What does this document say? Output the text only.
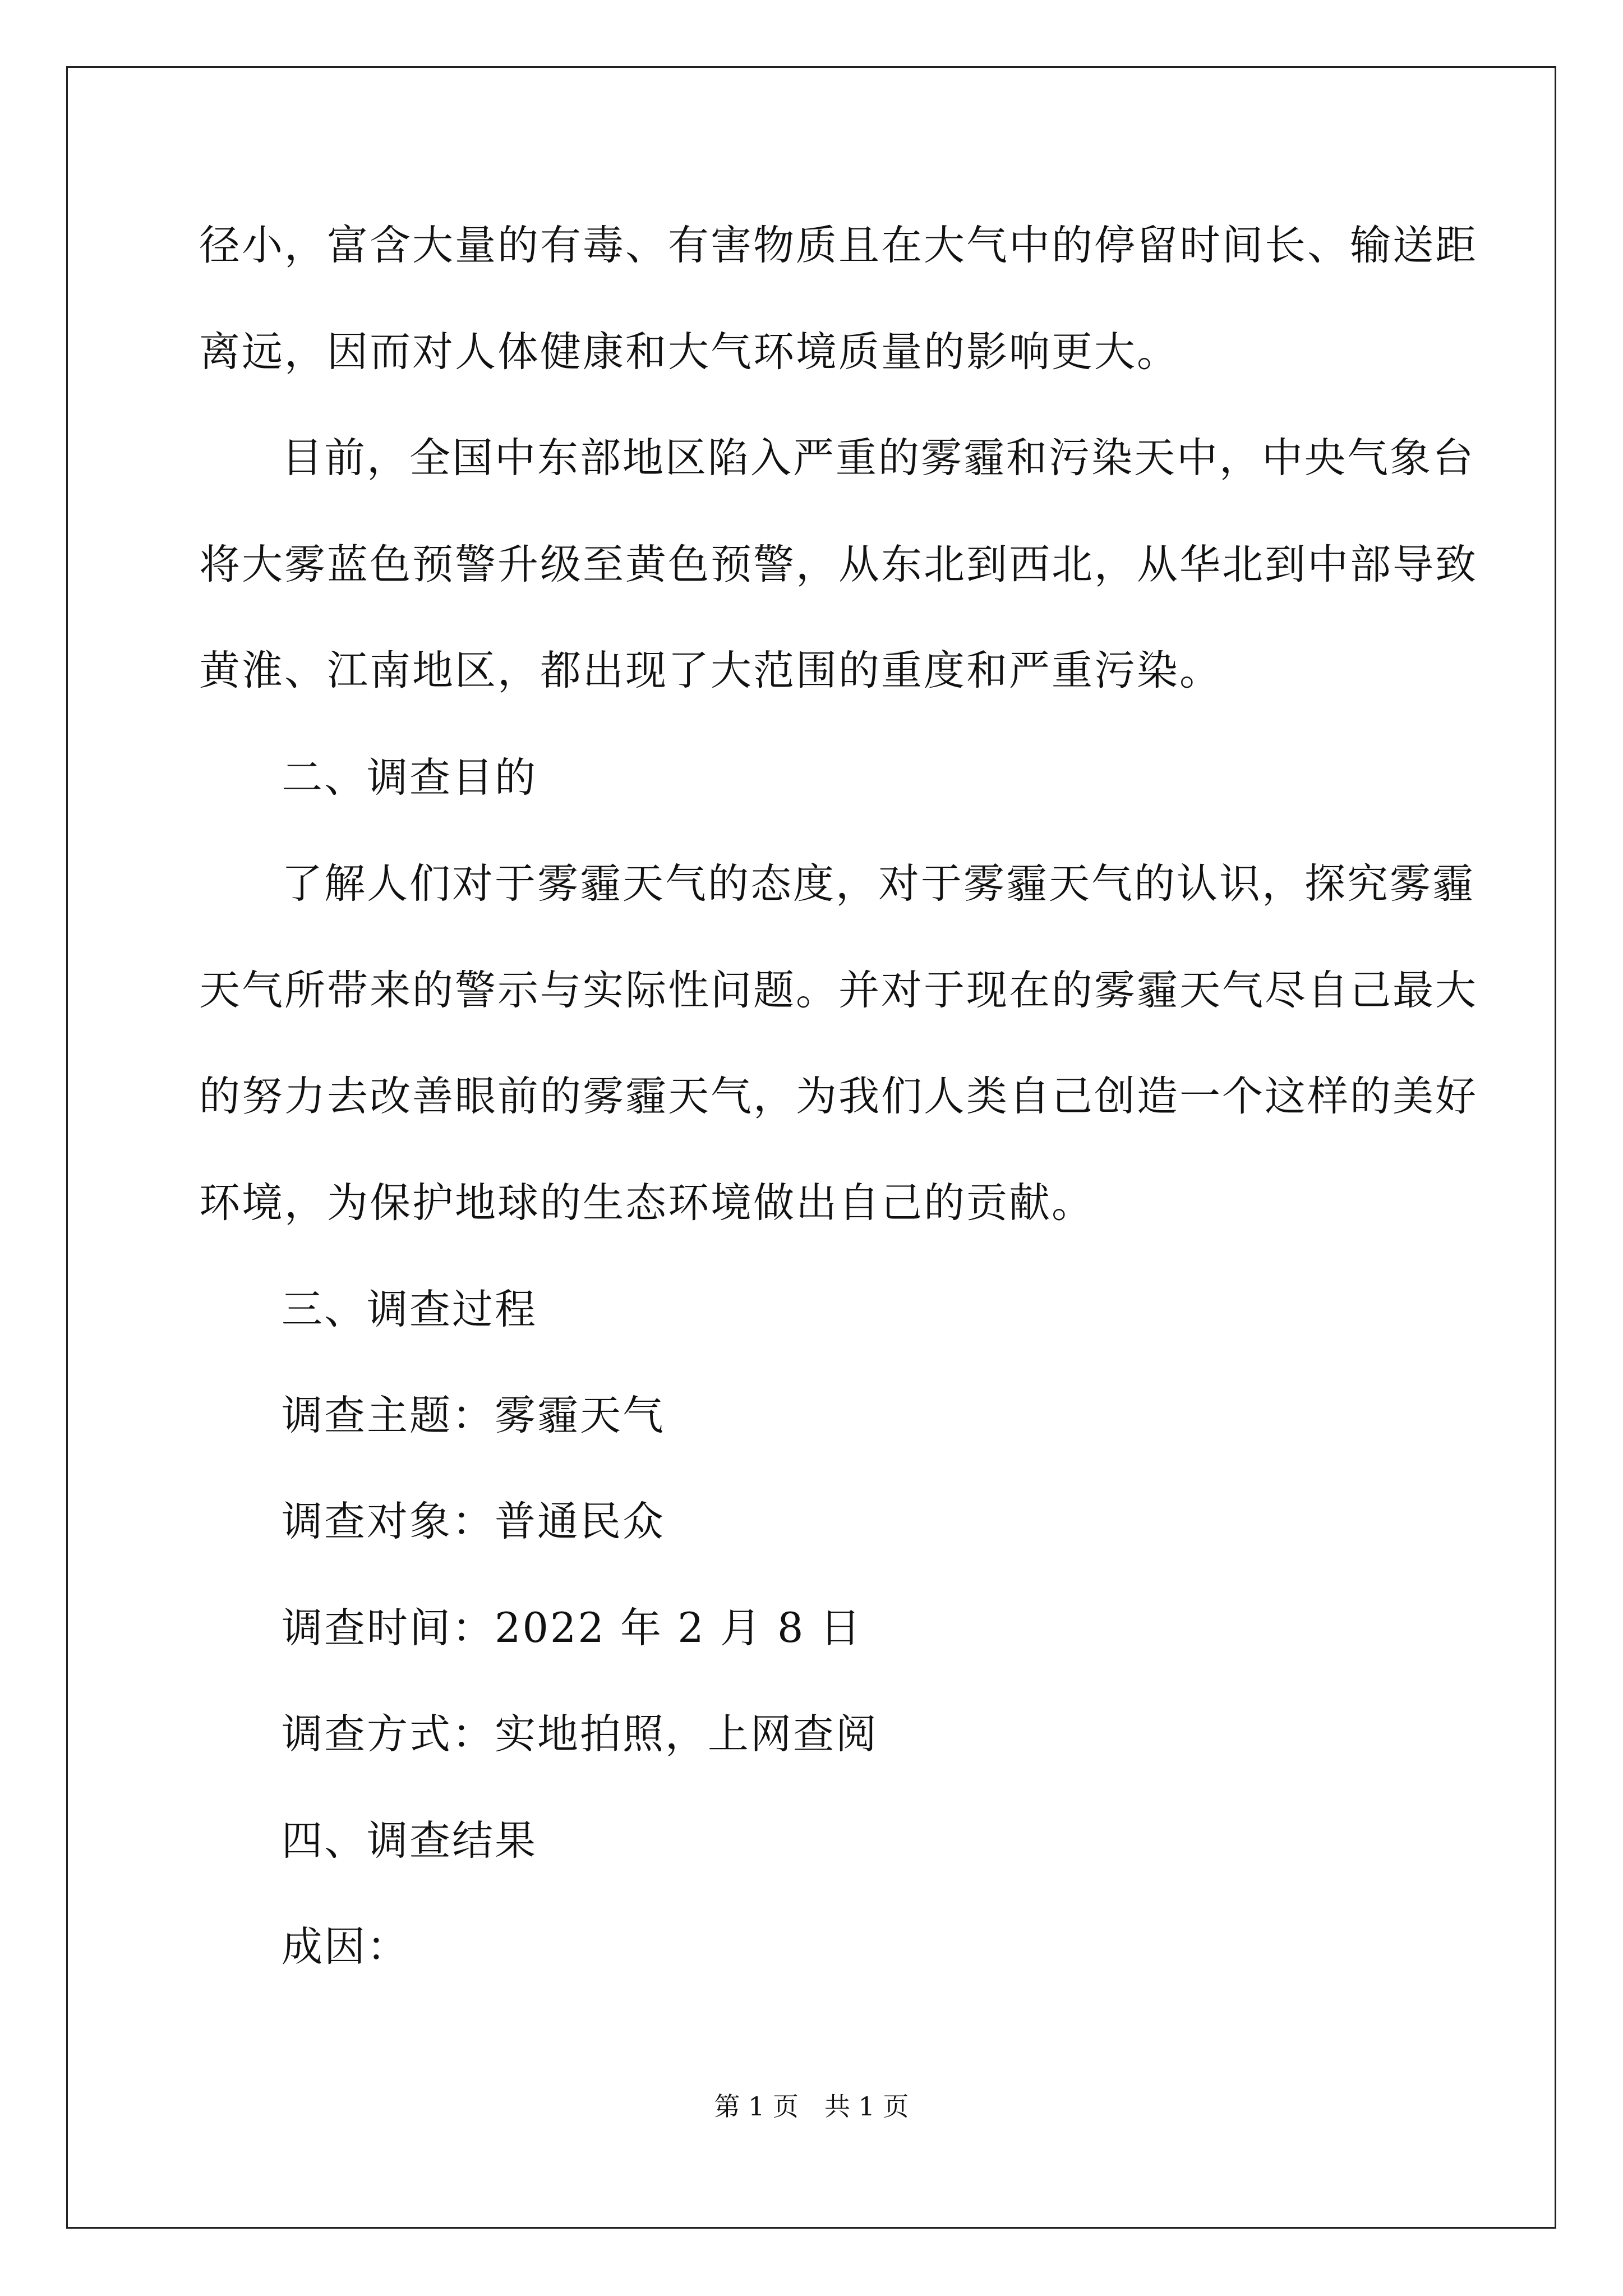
径小，富含大量的有毒、有害物质且在大气中的停留时间长、输送距
离远，因而对人体健康和大气环境质量的影响更大。
目前，全国中东部地区陷入严重的雾霾和污染天中，中央气象台
将大雾蓝色预警升级至黄色预警，从东北到西北，从华北到中部导致
黄淮、江南地区，都出现了大范围的重度和严重污染。
二、调查目的
了解人们对于雾霾天气的态度，对于雾霾天气的认识，探究雾霾
天气所带来的警示与实际性问题。并对于现在的雾霾天气尽自己最大
的努力去改善眼前的雾霾天气，为我们人类自己创造一个这样的美好
环境，为保护地球的生态环境做出自己的贡献。
三、调查过程
调查主题：雾霾天气
调查对象：普通民众
调查时间：2022 年 2 月 8 日
调查方式：实地拍照，上网查阅
四、调查结果
成因：
第 1 页 共 1 页
